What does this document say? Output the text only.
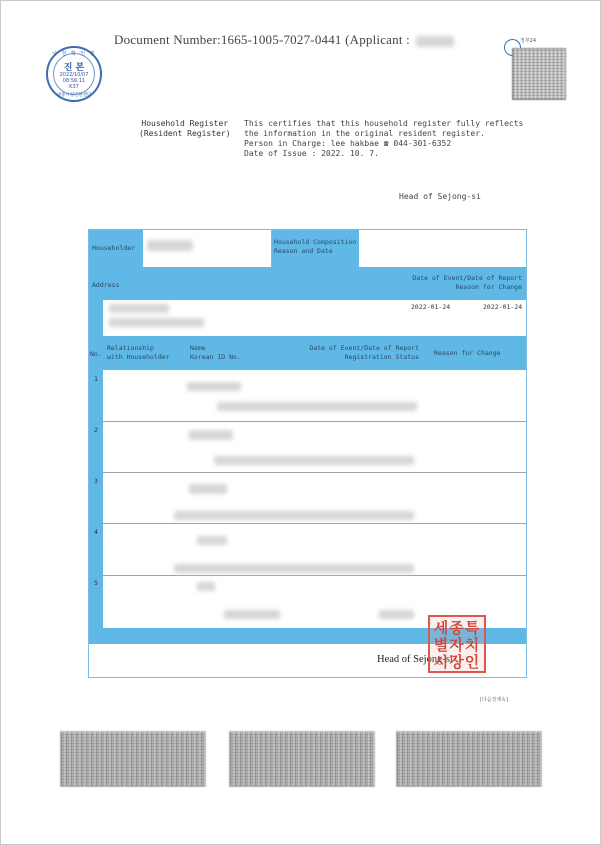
Document Number:1665-1005-7027-0441 (Applicant :
시 청 확 인 필
진 본
2022/10/07
08:56:11
K37
세종시청민원센터
정부24
Household Register
(Resident Register)
This certifies that this household register fully reflects
the information in the original resident register.
Person in Charge: lee hakbae ☎ 044-301-6352
Date of Issue : 2022. 10. 7.
Head of Sejong-si
Householder
Household Composition
Reason and Date
Address
Date of Event/Date of Report
Reason for Change
2022-01-24	2022-01-24
No.
Relationship
with Householder
Name
Korean ID No.
Date of Event/Date of Report
Registration Status Reason for Change
1
2
3
4
5
Head of Sejong-si
세종특
별자치
시장인
[다음장계속]
